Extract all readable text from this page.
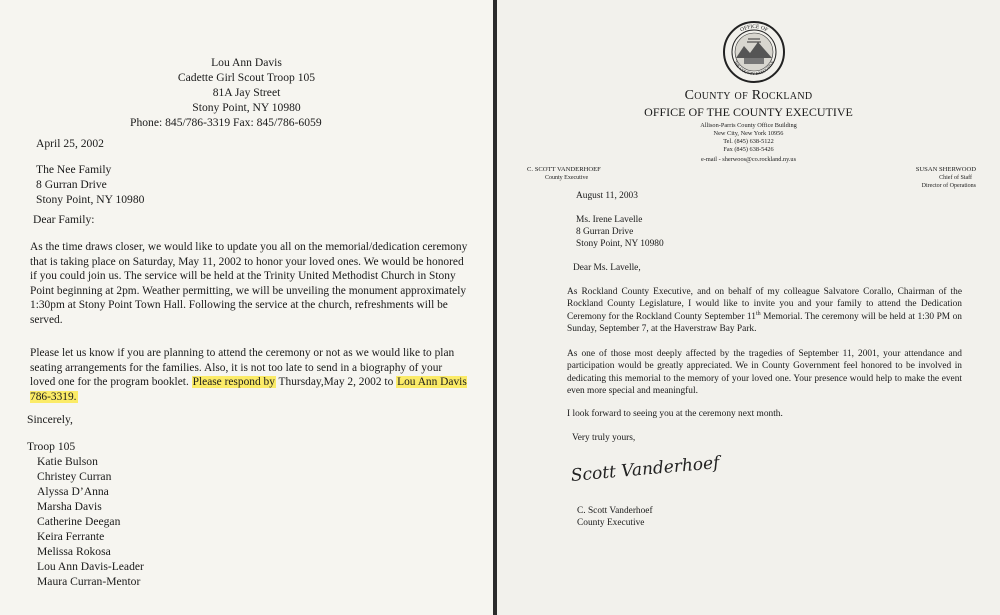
Lou Ann Davis
Cadette Girl Scout Troop 105
81A Jay Street
Stony Point, NY 10980
Phone: 845/786-3319 Fax: 845/786-6059
April 25, 2002
The Nee Family
8 Gurran Drive
Stony Point, NY 10980
Dear Family:
As the time draws closer, we would like to update you all on the memorial/dedication ceremony that is taking place on Saturday, May 11, 2002 to honor your loved ones. We would be honored if you could join us. The service will be held at the Trinity United Methodist Church in Stony Point beginning at 2pm. Weather permitting, we will be unveiling the monument approximately 1:30pm at Stony Point Town Hall. Following the service at the church, refreshments will be served.
Please let us know if you are planning to attend the ceremony or not as we would like to plan seating arrangements for the families. Also, it is not too late to send in a biography of your loved one for the program booklet. Please respond by Thursday,May 2, 2002 to Lou Ann Davis 786-3319.
Sincerely,
Troop 105
Katie Bulson
Christey Curran
Alyssa D’Anna
Marsha Davis
Catherine Deegan
Keira Ferrante
Melissa Rokosa
Lou Ann Davis-Leader
Maura Curran-Mentor
OFFICE OF
THE COUNTY EXECUTIVE
County of Rockland
OFFICE OF THE COUNTY EXECUTIVE
Allison-Parris County Office Building
New City, New York 10956
Tel. (845) 638-5122
Fax (845) 638-5426
e-mail - sherwoos@co.rockland.ny.us
C. SCOTT VANDERHOEF
County Executive
SUSAN SHERWOOD
Chief of Staff
Director of Operations
August 11, 2003
Ms. Irene Lavelle
8 Gurran Drive
Stony Point, NY 10980
Dear Ms. Lavelle,
As Rockland County Executive, and on behalf of my colleague Salvatore Corallo, Chairman of the Rockland County Legislature, I would like to invite you and your family to attend the Dedication Ceremony for the Rockland County September 11th Memorial. The ceremony will be held at 1:30 PM on Sunday, September 7, at the Haverstraw Bay Park.
As one of those most deeply affected by the tragedies of September 11, 2001, your attendance and participation would be greatly appreciated. We in County Government feel honored to be involved in dedicating this memorial to the memory of your loved one. Your presence would help to make the event even more special and meaningful.
I look forward to seeing you at the ceremony next month.
Very truly yours,
Scott Vanderhoef
C. Scott Vanderhoef
County Executive
